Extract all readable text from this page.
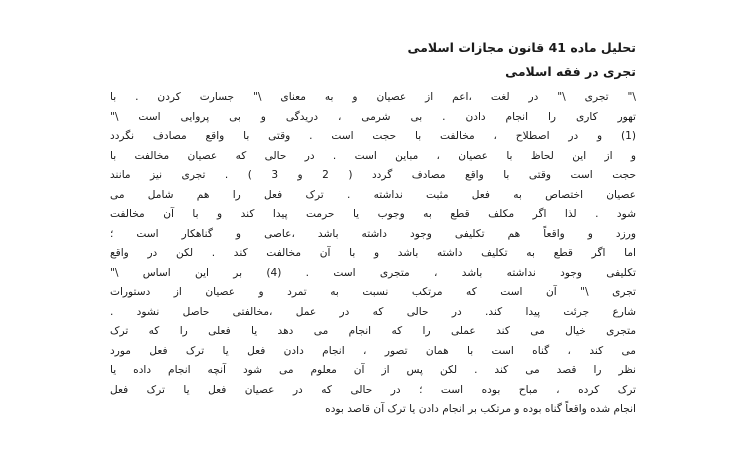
تحلیل ماده 41 قانون مجازات اسلامی
تجری در فقه اسلامی
\" تجری \" در لغت ،اعم از عصیان و به معنای \" جسارت کردن . با
تهور کاری را انجام دادن . بی شرمی ، دریدگی و بی پروایی است \"
(1) و در اصطلاح ، مخالفت با حجت است . وقتی با واقع مصادف نگردد
و از این لحاظ با عصیان ، مباین است . در حالی که عصیان مخالفت با
حجت است وقتی با واقع مصادف گردد ( 2 و 3 ) . تجری نیز مانند
عصیان اختصاص به فعل مثبت نداشته . ترک فعل را هم شامل می
شود . لذا اگر مکلف قطع به وجوب یا حرمت پیدا کند و با آن مخالفت
ورزد و واقعاً هم تکلیفی وجود داشته باشد ،عاصی و گناهکار است ؛
اما اگر قطع به تکلیف داشته باشد و با آن مخالفت کند . لکن در واقع
تکلیفی وجود نداشته باشد ، متجری است . (4) بر این اساس \"
تجری \" آن است که مرتکب نسبت به تمرد و عصیان از دستورات
شارع جرئت پیدا کند. در حالی که در عمل ،مخالفتی حاصل نشود .
متجری خیال می کند عملی را که انجام می دهد یا فعلی را که ترک
می کند ، گناه است با همان تصور ، انجام دادن فعل یا ترک فعل مورد
نظر را قصد می کند . لکن پس از آن معلوم می شود آنچه انجام داده یا
ترک کرده ، مباح بوده است ؛ در حالی که در عصیان فعل یا ترک فعل
انجام شده واقعاً گناه بوده و مرتکب بر انجام دادن یا ترک آن قاصد بوده
